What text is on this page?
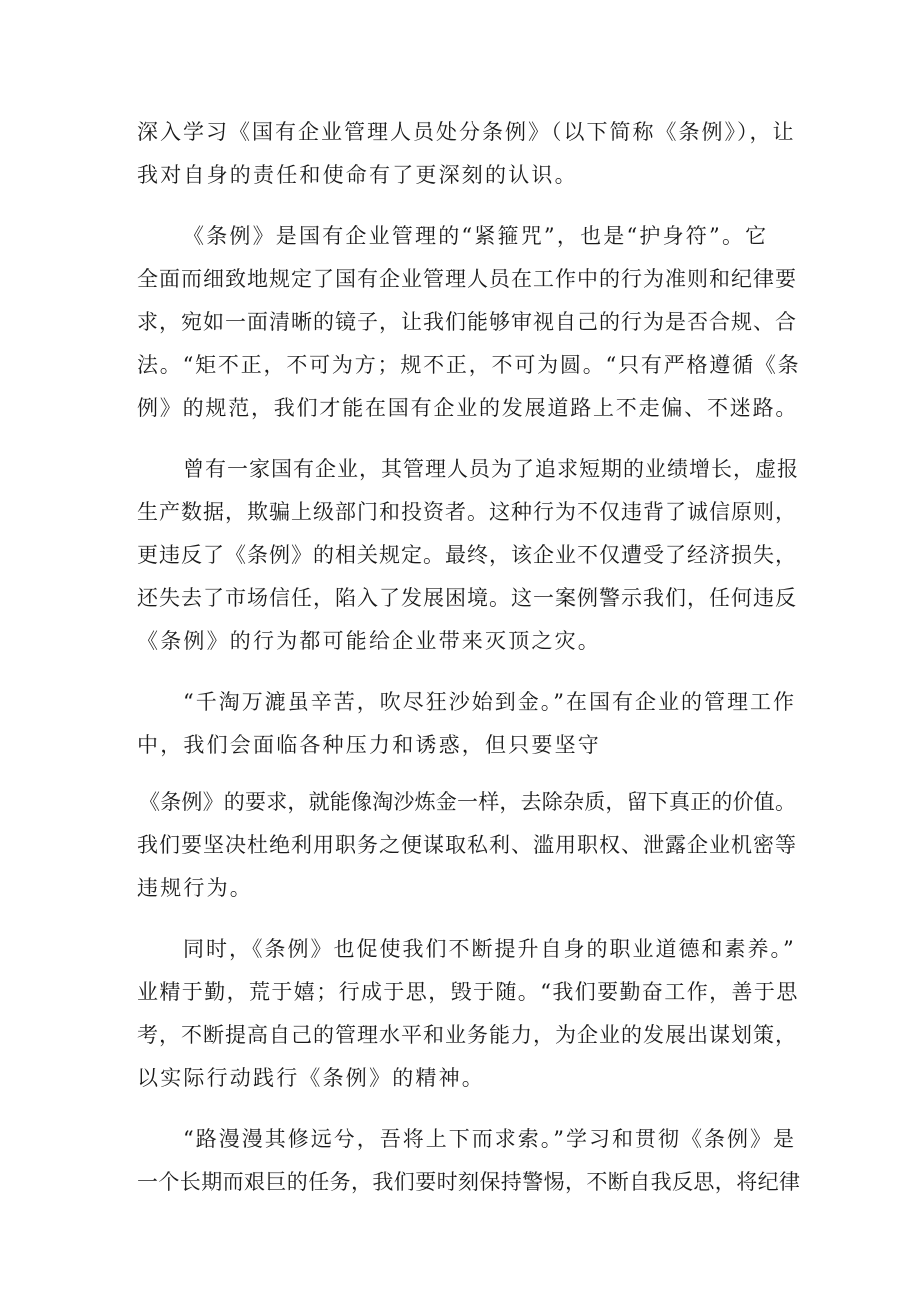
深入学习《国有企业管理人员处分条例》（以下简称《条例》），让
我对自身的责任和使命有了更深刻的认识。
《条例》是国有企业管理的“紧箍咒”，也是“护身符”。它
全面而细致地规定了国有企业管理人员在工作中的行为准则和纪律要
求，宛如一面清晰的镜子，让我们能够审视自己的行为是否合规、合
法。“矩不正，不可为方；规不正，不可为圆。“只有严格遵循《条
例》的规范，我们才能在国有企业的发展道路上不走偏、不迷路。
曾有一家国有企业，其管理人员为了追求短期的业绩增长，虚报
生产数据，欺骗上级部门和投资者。这种行为不仅违背了诚信原则，
更违反了《条例》的相关规定。最终，该企业不仅遭受了经济损失，
还失去了市场信任，陷入了发展困境。这一案例警示我们，任何违反
《条例》的行为都可能给企业带来灭顶之灾。
“千淘万漉虽辛苦，吹尽狂沙始到金。”在国有企业的管理工作
中，我们会面临各种压力和诱惑，但只要坚守
《条例》的要求，就能像淘沙炼金一样，去除杂质，留下真正的价值。
我们要坚决杜绝利用职务之便谋取私利、滥用职权、泄露企业机密等
违规行为。
同时，《条例》也促使我们不断提升自身的职业道德和素养。”
业精于勤，荒于嬉；行成于思，毁于随。“我们要勤奋工作，善于思
考，不断提高自己的管理水平和业务能力，为企业的发展出谋划策，
以实际行动践行《条例》的精神。
“路漫漫其修远兮，吾将上下而求索。”学习和贯彻《条例》是
一个长期而艰巨的任务，我们要时刻保持警惕，不断自我反思，将纪律
